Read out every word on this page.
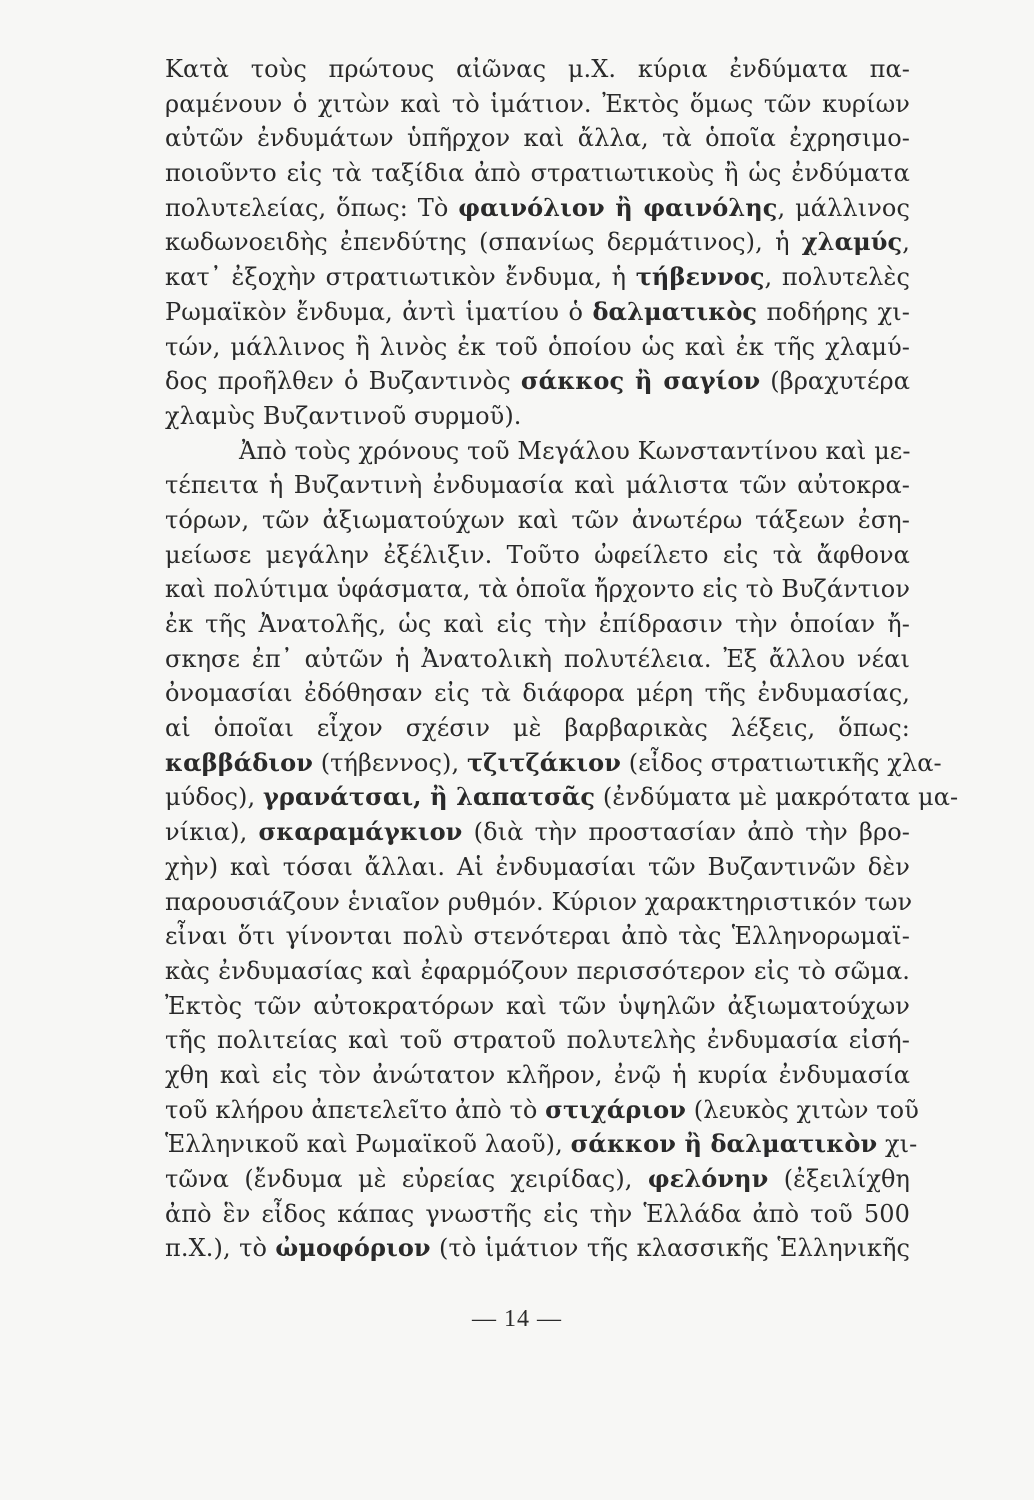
Κατὰ τοὺς πρώτους αἰῶνας μ.Χ. κύρια ἐνδύματα πα-
ραμένουν ὁ χιτὼν καὶ τὸ ἱμάτιον. Ἐκτὸς ὅμως τῶν κυρίων
αὐτῶν ἐνδυμάτων ὑπῆρχον καὶ ἄλλα, τὰ ὁποῖα ἐχρησιμο-
ποιοῦντο εἰς τὰ ταξίδια ἀπὸ στρατιωτικοὺς ἢ ὡς ἐνδύματα
πολυτελείας, ὅπως: Τὸ φαινόλιον ἢ φαινόλης, μάλλινος
κωδωνοειδὴς ἐπενδύτης (σπανίως δερμάτινος), ἡ χλαμύς,
κατ᾽ ἐξοχὴν στρατιωτικὸν ἔνδυμα, ἡ τήβεννος, πολυτελὲς
Ρωμαϊκὸν ἔνδυμα, ἀντὶ ἱματίου ὁ δαλματικὸς ποδήρης χι-
τών, μάλλινος ἢ λινὸς ἐκ τοῦ ὁποίου ὡς καὶ ἐκ τῆς χλαμύ-
δος προῆλθεν ὁ Βυζαντινὸς σάκκος ἢ σαγίον (βραχυτέρα
χλαμὺς Βυζαντινοῦ συρμοῦ).
Ἀπὸ τοὺς χρόνους τοῦ Μεγάλου Κωνσταντίνου καὶ με-
τέπειτα ἡ Βυζαντινὴ ἐνδυμασία καὶ μάλιστα τῶν αὐτοκρα-
τόρων, τῶν ἀξιωματούχων καὶ τῶν ἀνωτέρω τάξεων ἐση-
μείωσε μεγάλην ἐξέλιξιν. Τοῦτο ὠφείλετο εἰς τὰ ἄφθονα
καὶ πολύτιμα ὑφάσματα, τὰ ὁποῖα ἤρχοντο εἰς τὸ Βυζάντιον
ἐκ τῆς Ἀνατολῆς, ὡς καὶ εἰς τὴν ἐπίδρασιν τὴν ὁποίαν ἤ-
σκησε ἐπ᾽ αὐτῶν ἡ Ἀνατολικὴ πολυτέλεια. Ἐξ ἄλλου νέαι
ὀνομασίαι ἐδόθησαν εἰς τὰ διάφορα μέρη τῆς ἐνδυμασίας,
αἱ ὁποῖαι εἶχον σχέσιν μὲ βαρβαρικὰς λέξεις, ὅπως:
καββάδιον (τήβεννος), τζιτζάκιον (εἶδος στρατιωτικῆς χλα-
μύδος), γρανάτσαι, ἢ λαπατσᾶς (ἐνδύματα μὲ μακρότατα μα-
νίκια), σκαραμάγκιον (διὰ τὴν προστασίαν ἀπὸ τὴν βρο-
χὴν) καὶ τόσαι ἄλλαι. Αἱ ἐνδυμασίαι τῶν Βυζαντινῶν δὲν
παρουσιάζουν ἑνιαῖον ρυθμόν. Κύριον χαρακτηριστικόν των
εἶναι ὅτι γίνονται πολὺ στενότεραι ἀπὸ τὰς Ἑλληνορωμαϊ-
κὰς ἐνδυμασίας καὶ ἐφαρμόζουν περισσότερον εἰς τὸ σῶμα.
Ἐκτὸς τῶν αὐτοκρατόρων καὶ τῶν ὑψηλῶν ἀξιωματούχων
τῆς πολιτείας καὶ τοῦ στρατοῦ πολυτελὴς ἐνδυμασία εἰσή-
χθη καὶ εἰς τὸν ἀνώτατον κλῆρον, ἐνῷ ἡ κυρία ἐνδυμασία
τοῦ κλήρου ἀπετελεῖτο ἀπὸ τὸ στιχάριον (λευκὸς χιτὼν τοῦ
Ἑλληνικοῦ καὶ Ρωμαϊκοῦ λαοῦ), σάκκον ἢ δαλματικὸν χι-
τῶνα (ἔνδυμα μὲ εὐρείας χειρίδας), φελόνην (ἐξειλίχθη
ἀπὸ ἓν εἶδος κάπας γνωστῆς εἰς τὴν Ἑλλάδα ἀπὸ τοῦ 500
π.Χ.), τὸ ὠμοφόριον (τὸ ἱμάτιον τῆς κλασσικῆς Ἑλληνικῆς
— 14 —
